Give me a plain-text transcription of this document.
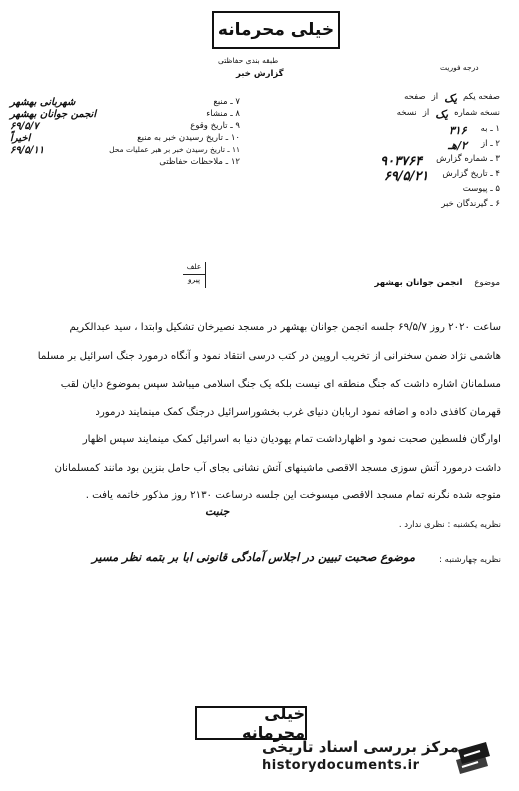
خیلی محرمانه
طبقه بندی حفاظتی
گزارش خبر
درجه فوریت
صفحه یکم
یک
از
صفحه
نسخه شماره
یک
از
نسخه
۱ ـ به
۳۱۶
۲ ـ از
۲/هـ
۳ ـ شماره گزارش
۹۰۳۷۶۴
۴ ـ تاریخ گزارش
۶۹/۵/۲۱
۵ ـ پیوست
۶ ـ گیرندگان خبر
۷ ـ منبع
شهربانی بهشهر
۸ ـ منشاء
انجمن جوانان بهشهر
۹ ـ تاریخ وقوع
۶۹/۵/۷
۱۰ ـ تاریخ رسیدن خبر به منبع
اخیراً
۱۱ ـ تاریخ رسیدن خبر بر هبر عملیات محل
۶۹/۵/۱۱
۱۲ ـ ملاحظات حفاظتی
علف
پیرو	موضوع
انجمن جوانان بهشهر
ساعت ۲۰۲۰ روز ۶۹/۵/۷ جلسه انجمن جوانان بهشهر در مسجد نصیرخان تشکیل وابتدا ، سید عبدالکریم
هاشمی نژاد ضمن سخنرانی از تخریب اروپین در کتب درسی انتقاد نمود و آنگاه درمورد جنگ اسرائیل بر مسلما
مسلمانان اشاره داشت که جنگ منطقه ای نیست بلکه یک جنگ اسلامی میباشد سپس بموضوع دایان لقب
قهرمان کافذی داده و اضافه نمود اربابان دنیای غرب بخشوراسرائیل درجنگ کمک مینمایند درمورد
اوارگان فلسطین صحبت نمود و اظهارداشت تمام یهودیان دنیا به اسرائیل کمک مینمایند سپس اظهار
داشت درمورد آتش سوزی مسجد الاقصی ماشینهای آتش نشانی بجای آب حامل بنزین بود مانند کمسلمانان
متوجه شده نگرنه تمام مسجد الاقصی میسوخت این جلسه درساعت ۲۱۳۰ روز مذکور خاتمه یافت .
نظریه یکشنبه : نظری ندارد .
جنبت
نظریه چهارشنبه :
موضوع صحبت تبیین در اجلاس آمادگی قانونی ابا بر بتمه نظر مسیر
خیلی محرمانه
مرکز بررسی اسناد تاریخی
historydocuments.ir
